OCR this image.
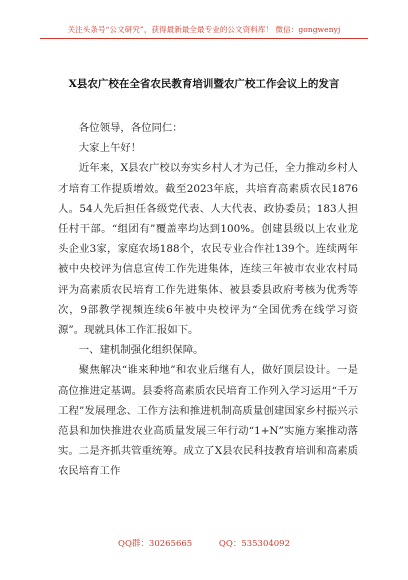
关注头条号“公文研究”，获得最新最全最专业的公文资料库！ 微信：gongwenyj
X县农广校在全省农民教育培训暨农广校工作会议上的发言

各位领导，各位同仁：

大家上午好！

近年来，X县农广校以夯实乡村人才为己任，全力推动乡村人才培育工作提质增效。截至2023年底，共培育高素质农民1876人。54人先后担任各级党代表、人大代表、政协委员；183人担任村干部。“组团有”覆盖率均达到100%。创建县级以上农业龙头企业3家，家庭农场188个，农民专业合作社139个。连续两年被中央校评为信息宣传工作先进集体，连续三年被市农业农村局评为高素质农民培育工作先进集体、被县委县政府考核为优秀等次，9部教学视频连续6年被中央校评为“全国优秀在线学习资源”。现就具体工作汇报如下。

一、建机制强化组织保障。

聚焦解决“谁来种地”和农业后继有人，做好顶层设计。一是高位推进定基调。县委将高素质农民培育工作列入学习运用“千万工程”发展理念、工作方法和推进机制高质量创建国家乡村振兴示范县和加快推进农业高质量发展三年行动“1+N”实施方案推动落实。二是齐抓共管重统筹。成立了X县农民科技教育培训和高素质农民培育工作

QQ群：30265665	QQ：535304092
